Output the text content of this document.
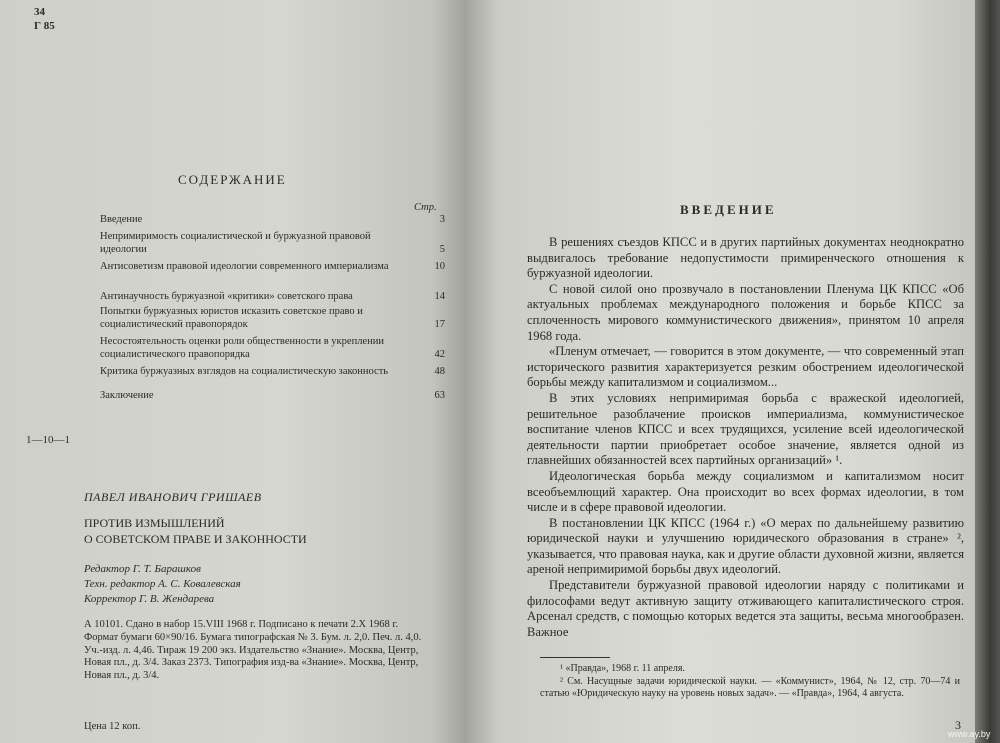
34
Г 85
СОДЕРЖАНИЕ
Стр.
Введение	3
Непримиримость социалистической и буржуазной правовой идеологии	5
Антисоветизм правовой идеологии современного империализма	10
Антинаучность буржуазной «критики» советского права	14
Попытки буржуазных юристов исказить советское право и социалистический правопорядок	17
Несостоятельность оценки роли общественности в укреплении социалистического правопорядка	42
Критика буржуазных взглядов на социалистическую законность	48
Заключение	63
1—10—1
ПАВЕЛ ИВАНОВИЧ ГРИШАЕВ
ПРОТИВ ИЗМЫШЛЕНИЙ
О СОВЕТСКОМ ПРАВЕ И ЗАКОННОСТИ
Редактор Г. Т. Барашков
Техн. редактор А. С. Ковалевская
Корректор Г. В. Жендарева
А 10101. Сдано в набор 15.VIII 1968 г. Подписано к печати 2.X 1968 г. Формат бумаги 60×90/16. Бумага типографская № 3. Бум. л. 2,0. Печ. л. 4,0. Уч.-изд. л. 4,46. Тираж 19 200 экз. Издательство «Знание». Москва, Центр, Новая пл., д. 3/4. Заказ 2373. Типография изд-ва «Знание». Москва, Центр, Новая пл., д. 3/4.
Цена 12 коп.
ВВЕДЕНИЕ

В решениях съездов КПСС и в других партийных документах неоднократно выдвигалось требование недопустимости примиренческого отношения к буржуазной идеологии.

С новой силой оно прозвучало в постановлении Пленума ЦК КПСС «Об актуальных проблемах международного положения и борьбе КПСС за сплоченность мирового коммунистического движения», принятом 10 апреля 1968 года.

«Пленум отмечает, — говорится в этом документе, — что современный этап исторического развития характеризуется резким обострением идеологической борьбы между капитализмом и социализмом...

В этих условиях непримиримая борьба с вражеской идеологией, решительное разоблачение происков империализма, коммунистическое воспитание членов КПСС и всех трудящихся, усиление всей идеологической деятельности партии приобретает особое значение, является одной из главнейших обязанностей всех партийных организаций» ¹.

Идеологическая борьба между социализмом и капитализмом носит всеобъемлющий характер. Она происходит во всех формах идеологии, в том числе и в сфере правовой идеологии.

В постановлении ЦК КПСС (1964 г.) «О мерах по дальнейшему развитию юридической науки и улучшению юридического образования в стране» ², указывается, что правовая наука, как и другие области духовной жизни, является ареной непримиримой борьбы двух идеологий.

Представители буржуазной правовой идеологии наряду с политиками и философами ведут активную защиту отживающего капиталистического строя. Арсенал средств, с помощью которых ведется эта защиты, весьма многообразен. Важное

¹ «Правда», 1968 г. 11 апреля.

² См. Насущные задачи юридической науки. — «Коммунист», 1964, № 12, стр. 70—74 и статью «Юридическую науку на уровень новых задач». — «Правда», 1964, 4 августа.

3
www.ay.by
